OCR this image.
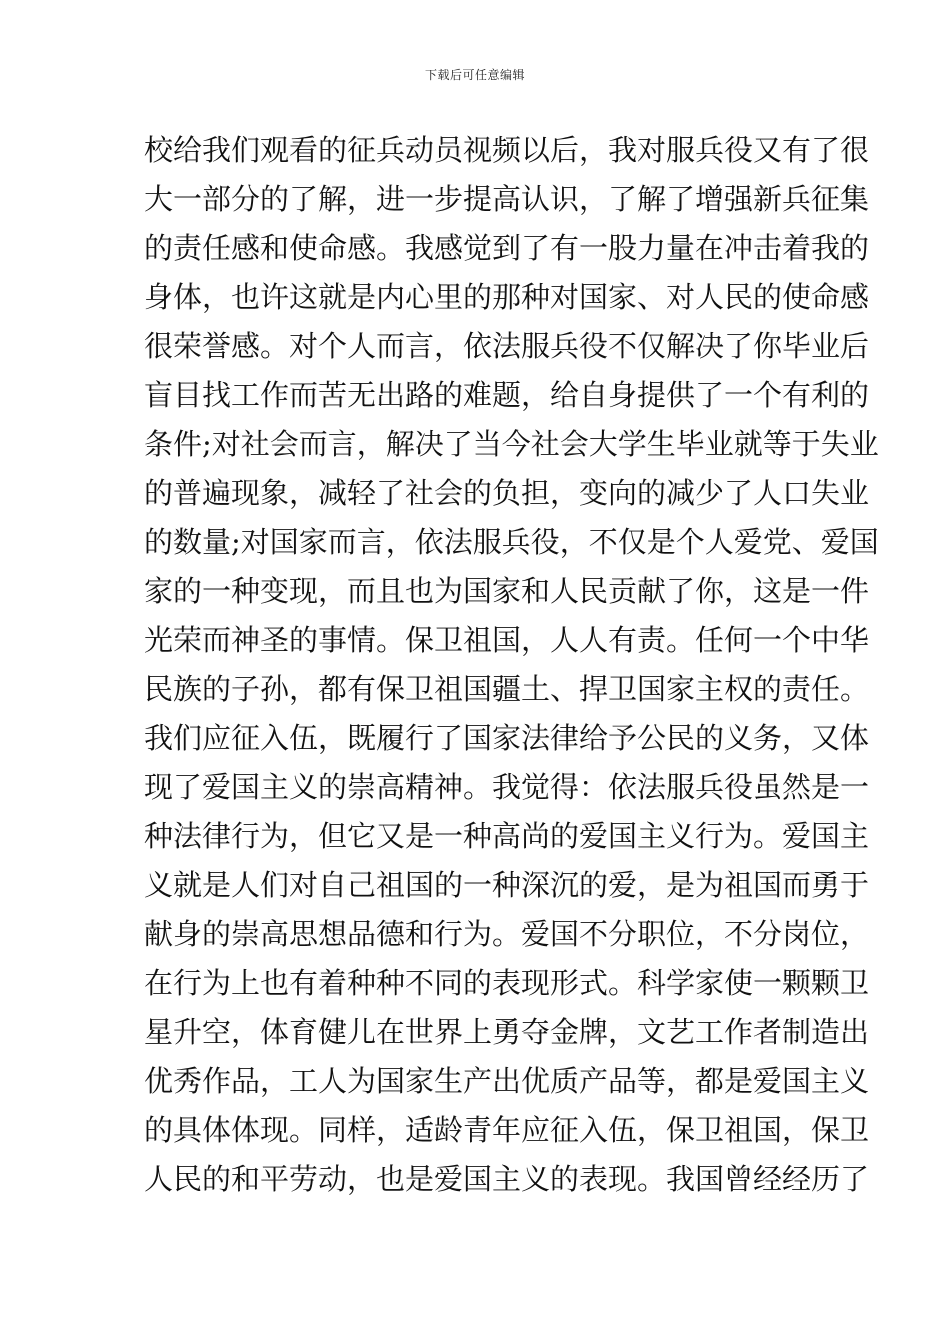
下载后可任意编辑
校给我们观看的征兵动员视频以后，我对服兵役又有了很
大一部分的了解，进一步提高认识，了解了增强新兵征集
的责任感和使命感。我感觉到了有一股力量在冲击着我的
身体，也许这就是内心里的那种对国家、对人民的使命感
很荣誉感。对个人而言，依法服兵役不仅解决了你毕业后
盲目找工作而苦无出路的难题，给自身提供了一个有利的
条件;对社会而言，解决了当今社会大学生毕业就等于失业
的普遍现象，减轻了社会的负担，变向的减少了人口失业
的数量;对国家而言，依法服兵役，不仅是个人爱党、爱国
家的一种变现，而且也为国家和人民贡献了你，这是一件
光荣而神圣的事情。保卫祖国，人人有责。任何一个中华
民族的子孙，都有保卫祖国疆土、捍卫国家主权的责任。
我们应征入伍，既履行了国家法律给予公民的义务，又体
现了爱国主义的崇高精神。我觉得：依法服兵役虽然是一
种法律行为，但它又是一种高尚的爱国主义行为。爱国主
义就是人们对自己祖国的一种深沉的爱，是为祖国而勇于
献身的崇高思想品德和行为。爱国不分职位，不分岗位，
在行为上也有着种种不同的表现形式。科学家使一颗颗卫
星升空，体育健儿在世界上勇夺金牌，文艺工作者制造出
优秀作品，工人为国家生产出优质产品等，都是爱国主义
的具体体现。同样，适龄青年应征入伍，保卫祖国，保卫
人民的和平劳动，也是爱国主义的表现。我国曾经经历了
